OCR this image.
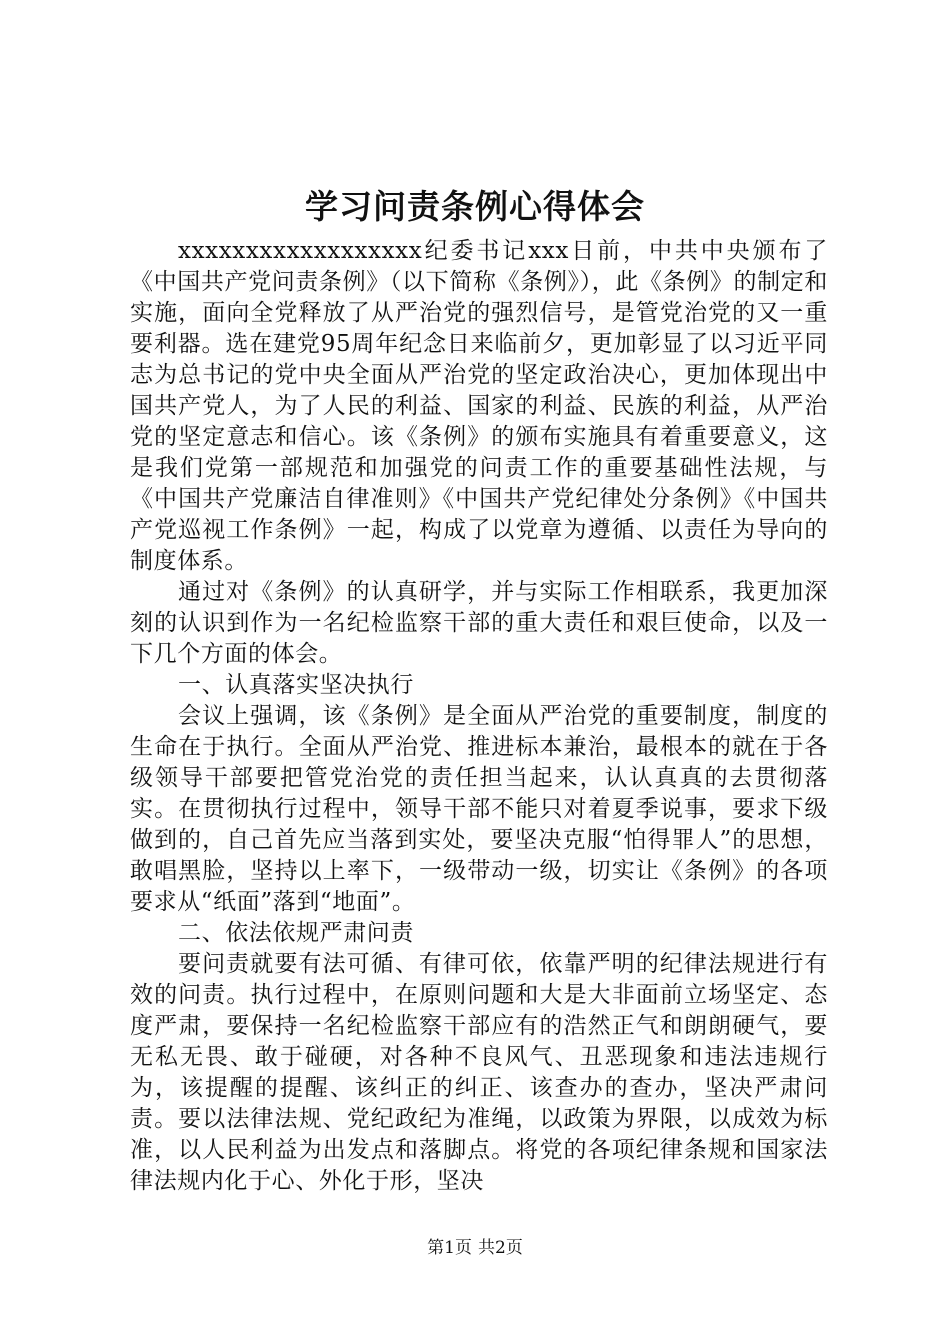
学习问责条例心得体会

xxxxxxxxxxxxxxxxxx纪委书记xxx日前，中共中央颁布了《中国共产党问责条例》（以下简称《条例》），此《条例》的制定和实施，面向全党释放了从严治党的强烈信号，是管党治党的又一重要利器。选在建党95周年纪念日来临前夕，更加彰显了以习近平同志为总书记的党中央全面从严治党的坚定政治决心，更加体现出中国共产党人，为了人民的利益、国家的利益、民族的利益，从严治党的坚定意志和信心。该《条例》的颁布实施具有着重要意义，这是我们党第一部规范和加强党的问责工作的重要基础性法规，与《中国共产党廉洁自律准则》《中国共产党纪律处分条例》《中国共产党巡视工作条例》一起，构成了以党章为遵循、以责任为导向的制度体系。

通过对《条例》的认真研学，并与实际工作相联系，我更加深刻的认识到作为一名纪检监察干部的重大责任和艰巨使命，以及一下几个方面的体会。

一、认真落实坚决执行

会议上强调，该《条例》是全面从严治党的重要制度，制度的生命在于执行。全面从严治党、推进标本兼治，最根本的就在于各级领导干部要把管党治党的责任担当起来，认认真真的去贯彻落实。在贯彻执行过程中，领导干部不能只对着夏季说事，要求下级做到的，自己首先应当落到实处，要坚决克服“怕得罪人”的思想，敢唱黑脸，坚持以上率下，一级带动一级，切实让《条例》的各项要求从“纸面”落到“地面”。

二、依法依规严肃问责

要问责就要有法可循、有律可依，依靠严明的纪律法规进行有效的问责。执行过程中，在原则问题和大是大非面前立场坚定、态度严肃，要保持一名纪检监察干部应有的浩然正气和朗朗硬气，要无私无畏、敢于碰硬，对各种不良风气、丑恶现象和违法违规行为，该提醒的提醒、该纠正的纠正、该查办的查办，坚决严肃问责。要以法律法规、党纪政纪为准绳，以政策为界限，以成效为标准，以人民利益为出发点和落脚点。将党的各项纪律条规和国家法律法规内化于心、外化于形，坚决

第1页 共2页
